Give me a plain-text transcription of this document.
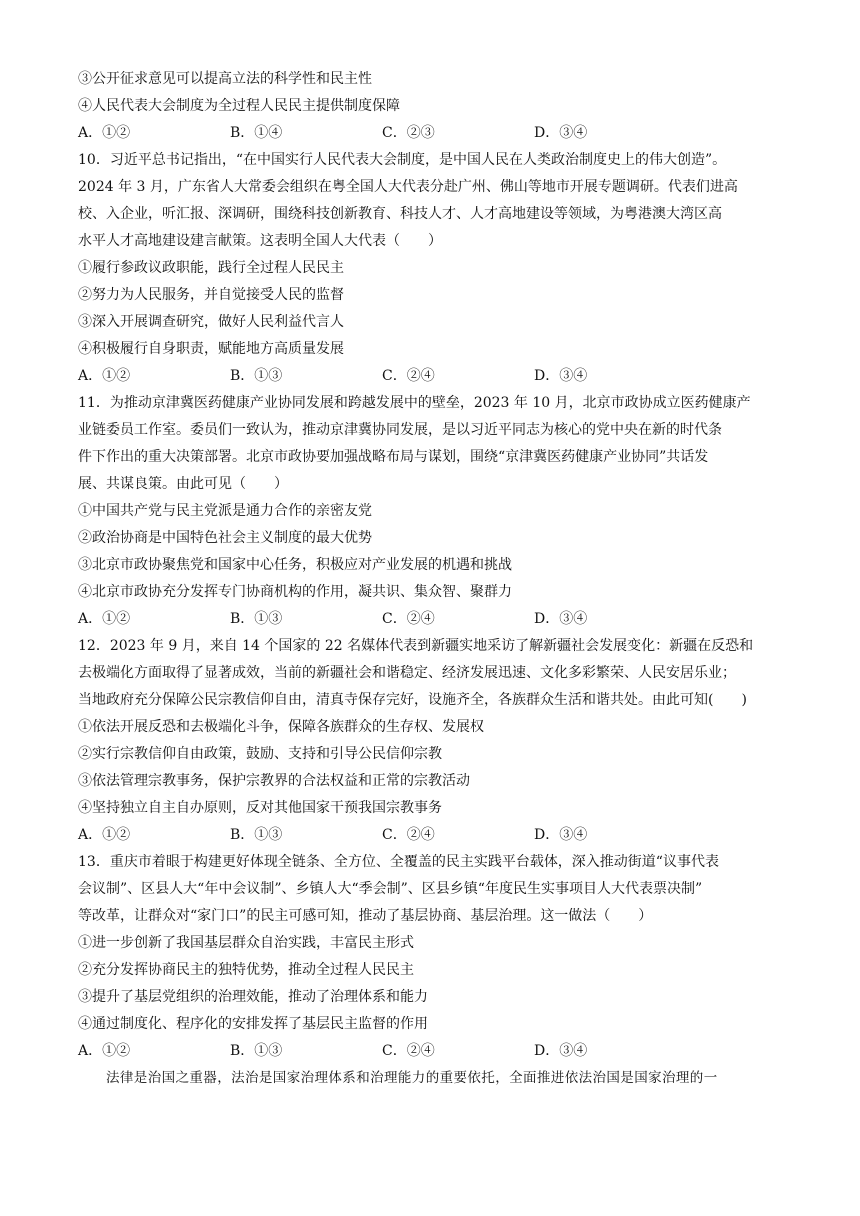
③公开征求意见可以提高立法的科学性和民主性
④人民代表大会制度为全过程人民民主提供制度保障
A．①②	B．①④	C．②③	D．③④
10．习近平总书记指出，“在中国实行人民代表大会制度，是中国人民在人类政治制度史上的伟大创造”。
2024 年 3 月，广东省人大常委会组织在粤全国人大代表分赴广州、佛山等地市开展专题调研。代表们进高
校、入企业，听汇报、深调研，围绕科技创新教育、科技人才、人才高地建设等领域，为粤港澳大湾区高
水平人才高地建设建言献策。这表明全国人大代表（　　）
①履行参政议政职能，践行全过程人民民主
②努力为人民服务，并自觉接受人民的监督
③深入开展调查研究，做好人民利益代言人
④积极履行自身职责，赋能地方高质量发展
A．①②	B．①③	C．②④	D．③④
11．为推动京津冀医药健康产业协同发展和跨越发展中的壁垒，2023 年 10 月，北京市政协成立医药健康产
业链委员工作室。委员们一致认为，推动京津冀协同发展，是以习近平同志为核心的党中央在新的时代条
件下作出的重大决策部署。北京市政协要加强战略布局与谋划，围绕“京津冀医药健康产业协同”共话发
展、共谋良策。由此可见（　　）
①中国共产党与民主党派是通力合作的亲密友党
②政治协商是中国特色社会主义制度的最大优势
③北京市政协聚焦党和国家中心任务，积极应对产业发展的机遇和挑战
④北京市政协充分发挥专门协商机构的作用，凝共识、集众智、聚群力
A．①②	B．①③	C．②④	D．③④
12．2023 年 9 月，来自 14 个国家的 22 名媒体代表到新疆实地采访了解新疆社会发展变化：新疆在反恐和
去极端化方面取得了显著成效，当前的新疆社会和谐稳定、经济发展迅速、文化多彩繁荣、人民安居乐业；
当地政府充分保障公民宗教信仰自由，清真寺保存完好，设施齐全，各族群众生活和谐共处。由此可知(　　)
①依法开展反恐和去极端化斗争，保障各族群众的生存权、发展权
②实行宗教信仰自由政策，鼓励、支持和引导公民信仰宗教
③依法管理宗教事务，保护宗教界的合法权益和正常的宗教活动
④坚持独立自主自办原则，反对其他国家干预我国宗教事务
A．①②	B．①③	C．②④	D．③④
13．重庆市着眼于构建更好体现全链条、全方位、全覆盖的民主实践平台载体，深入推动街道“议事代表
会议制”、区县人大“年中会议制”、乡镇人大“季会制”、区县乡镇“年度民生实事项目人大代表票决制”
等改革，让群众对“家门口”的民主可感可知，推动了基层协商、基层治理。这一做法（　　）
①进一步创新了我国基层群众自治实践，丰富民主形式
②充分发挥协商民主的独特优势，推动全过程人民民主
③提升了基层党组织的治理效能，推动了治理体系和能力
④通过制度化、程序化的安排发挥了基层民主监督的作用
A．①②	B．①③	C．②④	D．③④
法律是治国之重器，法治是国家治理体系和治理能力的重要依托，全面推进依法治国是国家治理的一
